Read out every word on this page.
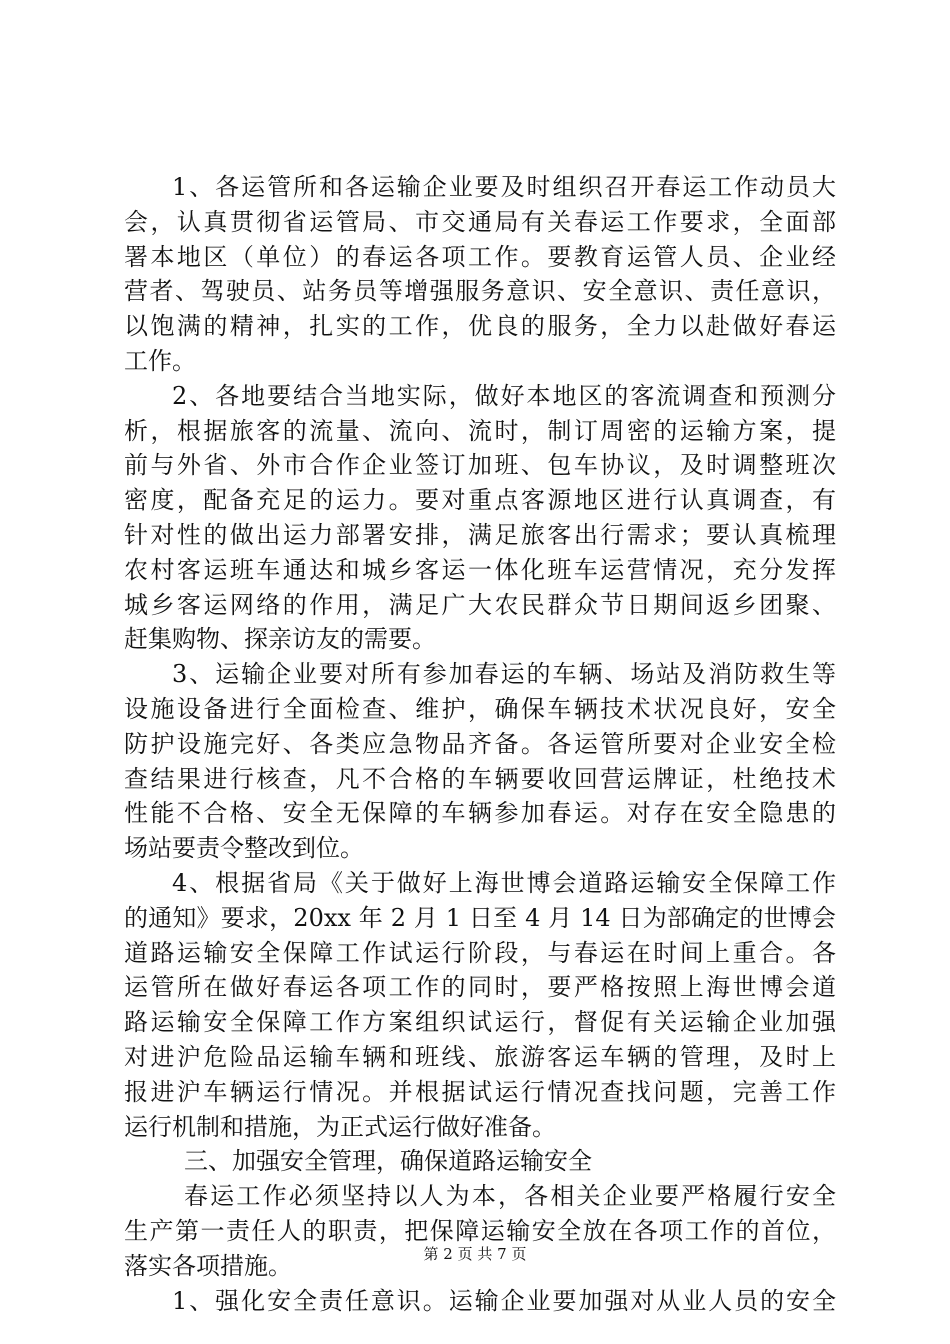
1、各运管所和各运输企业要及时组织召开春运工作动员大
会，认真贯彻省运管局、市交通局有关春运工作要求，全面部
署本地区（单位）的春运各项工作。要教育运管人员、企业经
营者、驾驶员、站务员等增强服务意识、安全意识、责任意识，
以饱满的精神，扎实的工作，优良的服务，全力以赴做好春运
工作。
2、各地要结合当地实际，做好本地区的客流调查和预测分
析，根据旅客的流量、流向、流时，制订周密的运输方案，提
前与外省、外市合作企业签订加班、包车协议，及时调整班次
密度，配备充足的运力。要对重点客源地区进行认真调查，有
针对性的做出运力部署安排，满足旅客出行需求；要认真梳理
农村客运班车通达和城乡客运一体化班车运营情况，充分发挥
城乡客运网络的作用，满足广大农民群众节日期间返乡团聚、
赶集购物、探亲访友的需要。
3、运输企业要对所有参加春运的车辆、场站及消防救生等
设施设备进行全面检查、维护，确保车辆技术状况良好，安全
防护设施完好、各类应急物品齐备。各运管所要对企业安全检
查结果进行核查，凡不合格的车辆要收回营运牌证，杜绝技术
性能不合格、安全无保障的车辆参加春运。对存在安全隐患的
场站要责令整改到位。
4、根据省局《关于做好上海世博会道路运输安全保障工作
的通知》要求，20xx 年 2 月 1 日至 4 月 14 日为部确定的世博会
道路运输安全保障工作试运行阶段，与春运在时间上重合。各
运管所在做好春运各项工作的同时，要严格按照上海世博会道
路运输安全保障工作方案组织试运行，督促有关运输企业加强
对进沪危险品运输车辆和班线、旅游客运车辆的管理，及时上
报进沪车辆运行情况。并根据试运行情况查找问题，完善工作
运行机制和措施，为正式运行做好准备。
三、加强安全管理，确保道路运输安全
春运工作必须坚持以人为本，各相关企业要严格履行安全
生产第一责任人的职责，把保障运输安全放在各项工作的首位，
落实各项措施。
1、强化安全责任意识。运输企业要加强对从业人员的安全
第 2 页 共 7 页
